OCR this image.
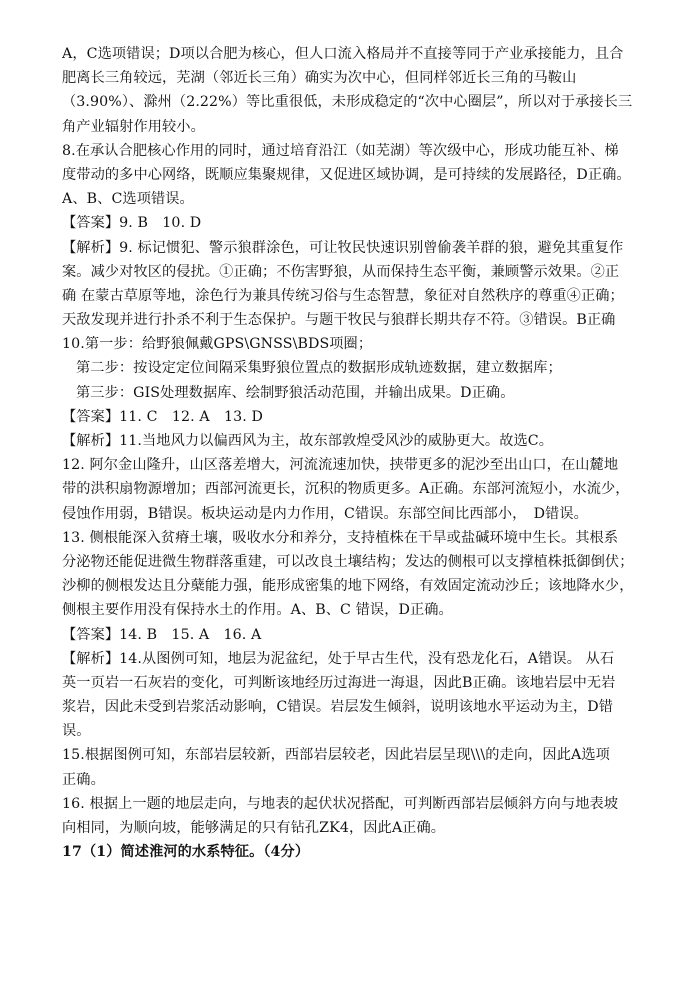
A，C选项错误；D项以合肥为核心，但人口流入格局并不直接等同于产业承接能力，且合
肥离长三角较远，芜湖（邻近长三角）确实为次中心，但同样邻近长三角的马鞍山
（3.90%）、滁州（2.22%）等比重很低，未形成稳定的“次中心圈层”，所以对于承接长三
角产业辐射作用较小。
8.在承认合肥核心作用的同时，通过培育沿江（如芜湖）等次级中心，形成功能互补、梯
度带动的多中心网络，既顺应集聚规律，又促进区域协调，是可持续的发展路径，D正确。
A、B、C选项错误。
【答案】9. B　10. D
【解析】9. 标记惯犯、警示狼群涂色，可让牧民快速识别曾偷袭羊群的狼，避免其重复作
案。减少对牧区的侵扰。①正确；不伤害野狼，从而保持生态平衡，兼顾警示效果。②正
确 在蒙古草原等地，涂色行为兼具传统习俗与生态智慧，象征对自然秩序的尊重④正确；
天敌发现并进行扑杀不利于生态保护。与题干牧民与狼群长期共存不符。③错误。B正确
10.第一步：给野狼佩戴GPS\GNSS\BDS项圈；
第二步：按设定定位间隔采集野狼位置点的数据形成轨迹数据，建立数据库；
第三步：GIS处理数据库、绘制野狼活动范围，并输出成果。D正确。
【答案】11. C　12. A　13. D
【解析】11.当地风力以偏西风为主，故东部敦煌受风沙的威胁更大。故选C。
12. 阿尔金山隆升，山区落差增大，河流流速加快，挟带更多的泥沙至出山口，在山麓地
带的洪积扇物源增加；西部河流更长，沉积的物质更多。A正确。东部河流短小，水流少，
侵蚀作用弱，B错误。板块运动是内力作用，C错误。东部空间比西部小，　D错误。
13. 侧根能深入贫瘠土壤，吸收水分和养分，支持植株在干旱或盐碱环境中生长。其根系
分泌物还能促进微生物群落重建，可以改良土壤结构；发达的侧根可以支撑植株抵御倒伏；
沙柳的侧根发达且分蘖能力强，能形成密集的地下网络，有效固定流动沙丘；该地降水少，
侧根主要作用没有保持水土的作用。A、B、C 错误，D正确。
【答案】14. B　15. A　16. A
【解析】14.从图例可知，地层为泥盆纪，处于早古生代，没有恐龙化石，A错误。 从石
英一页岩一石灰岩的变化，可判断该地经历过海进一海退，因此B正确。该地岩层中无岩
浆岩，因此未受到岩浆活动影响，C错误。岩层发生倾斜，说明该地水平运动为主，D错
误。
15.根据图例可知，东部岩层较新，西部岩层较老，因此岩层呈现\\\的走向，因此A选项
正确。
16. 根据上一题的地层走向，与地表的起伏状况搭配，可判断西部岩层倾斜方向与地表坡
向相同，为顺向坡，能够满足的只有钻孔ZK4，因此A正确。
17（1）简述淮河的水系特征。（4分）
